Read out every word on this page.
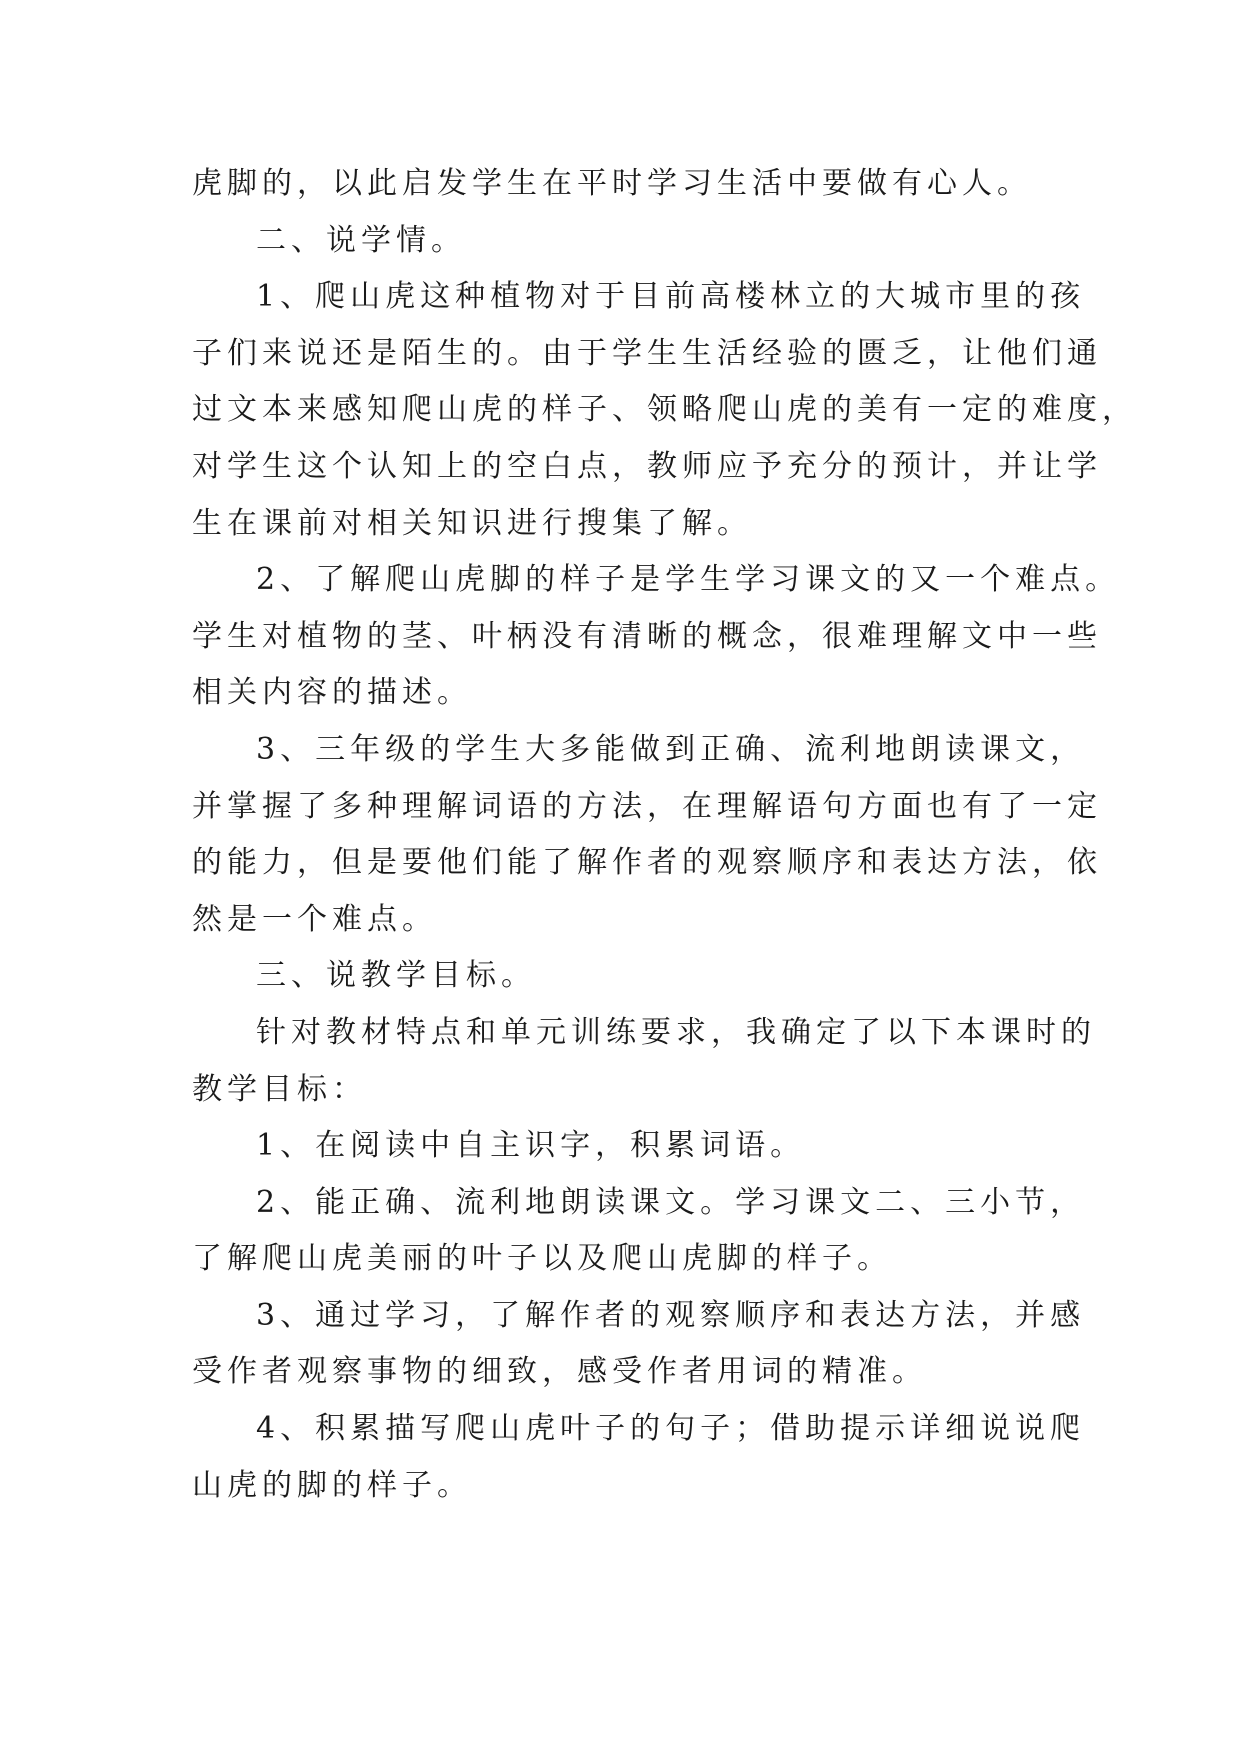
虎脚的，以此启发学生在平时学习生活中要做有心人。
二、说学情。
1、爬山虎这种植物对于目前高楼林立的大城市里的孩
子们来说还是陌生的。由于学生生活经验的匮乏，让他们通
过文本来感知爬山虎的样子、领略爬山虎的美有一定的难度，
对学生这个认知上的空白点，教师应予充分的预计，并让学
生在课前对相关知识进行搜集了解。
2、了解爬山虎脚的样子是学生学习课文的又一个难点。
学生对植物的茎、叶柄没有清晰的概念，很难理解文中一些
相关内容的描述。
3、三年级的学生大多能做到正确、流利地朗读课文，
并掌握了多种理解词语的方法，在理解语句方面也有了一定
的能力，但是要他们能了解作者的观察顺序和表达方法，依
然是一个难点。
三、说教学目标。
针对教材特点和单元训练要求，我确定了以下本课时的
教学目标：
1、在阅读中自主识字，积累词语。
2、能正确、流利地朗读课文。学习课文二、三小节，
了解爬山虎美丽的叶子以及爬山虎脚的样子。
3、通过学习，了解作者的观察顺序和表达方法，并感
受作者观察事物的细致，感受作者用词的精准。
4、积累描写爬山虎叶子的句子；借助提示详细说说爬
山虎的脚的样子。
